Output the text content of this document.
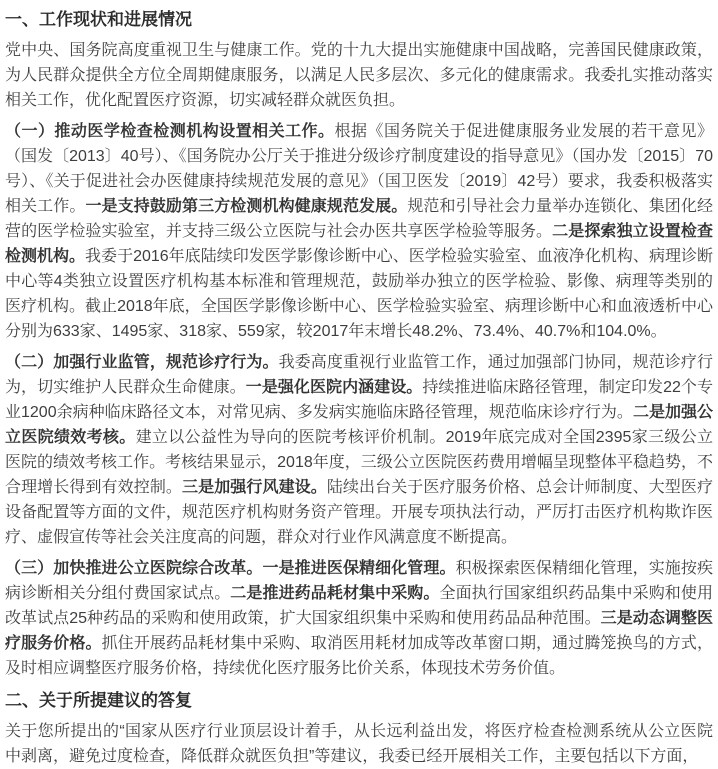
一、工作现状和进展情况

党中央、国务院高度重视卫生与健康工作。党的十九大提出实施健康中国战略，完善国民健康政策，为人民群众提供全方位全周期健康服务，以满足人民多层次、多元化的健康需求。我委扎实推动落实相关工作，优化配置医疗资源，切实减轻群众就医负担。

（一）推动医学检查检测机构设置相关工作。根据《国务院关于促进健康服务业发展的若干意见》（国发〔2013〕40号）、《国务院办公厅关于推进分级诊疗制度建设的指导意见》（国办发〔2015〕70号）、《关于促进社会办医健康持续规范发展的意见》（国卫医发〔2019〕42号）要求，我委积极落实相关工作。一是支持鼓励第三方检测机构健康规范发展。规范和引导社会力量举办连锁化、集团化经营的医学检验实验室，并支持三级公立医院与社会办医共享医学检验等服务。二是探索独立设置检查检测机构。我委于2016年底陆续印发医学影像诊断中心、医学检验实验室、血液净化机构、病理诊断中心等4类独立设置医疗机构基本标准和管理规范，鼓励举办独立的医学检验、影像、病理等类别的医疗机构。截止2018年底，全国医学影像诊断中心、医学检验实验室、病理诊断中心和血液透析中心分别为633家、1495家、318家、559家，较2017年末增长48.2%、73.4%、40.7%和104.0%。

（二）加强行业监管，规范诊疗行为。我委高度重视行业监管工作，通过加强部门协同，规范诊疗行为，切实维护人民群众生命健康。一是强化医院内涵建设。持续推进临床路径管理，制定印发22个专业1200余病种临床路径文本，对常见病、多发病实施临床路径管理，规范临床诊疗行为。二是加强公立医院绩效考核。建立以公益性为导向的医院考核评价机制。2019年底完成对全国2395家三级公立医院的绩效考核工作。考核结果显示，2018年度，三级公立医院医药费用增幅呈现整体平稳趋势，不合理增长得到有效控制。三是加强行风建设。陆续出台关于医疗服务价格、总会计师制度、大型医疗设备配置等方面的文件，规范医疗机构财务资产管理。开展专项执法行动，严厉打击医疗机构欺诈医疗、虚假宣传等社会关注度高的问题，群众对行业作风满意度不断提高。

（三）加快推进公立医院综合改革。一是推进医保精细化管理。积极探索医保精细化管理，实施按疾病诊断相关分组付费国家试点。二是推进药品耗材集中采购。全面执行国家组织药品集中采购和使用改革试点25种药品的采购和使用政策，扩大国家组织集中采购和使用药品品种范围。三是动态调整医疗服务价格。抓住开展药品耗材集中采购、取消医用耗材加成等改革窗口期，通过腾笼换鸟的方式，及时相应调整医疗服务价格，持续优化医疗服务比价关系，体现技术劳务价值。

二、关于所提建议的答复

关于您所提出的“国家从医疗行业顶层设计着手，从长远利益出发，将医疗检查检测系统从公立医院中剥离，避免过度检查，降低群众就医负担”等建议，我委已经开展相关工作，主要包括以下方面，
